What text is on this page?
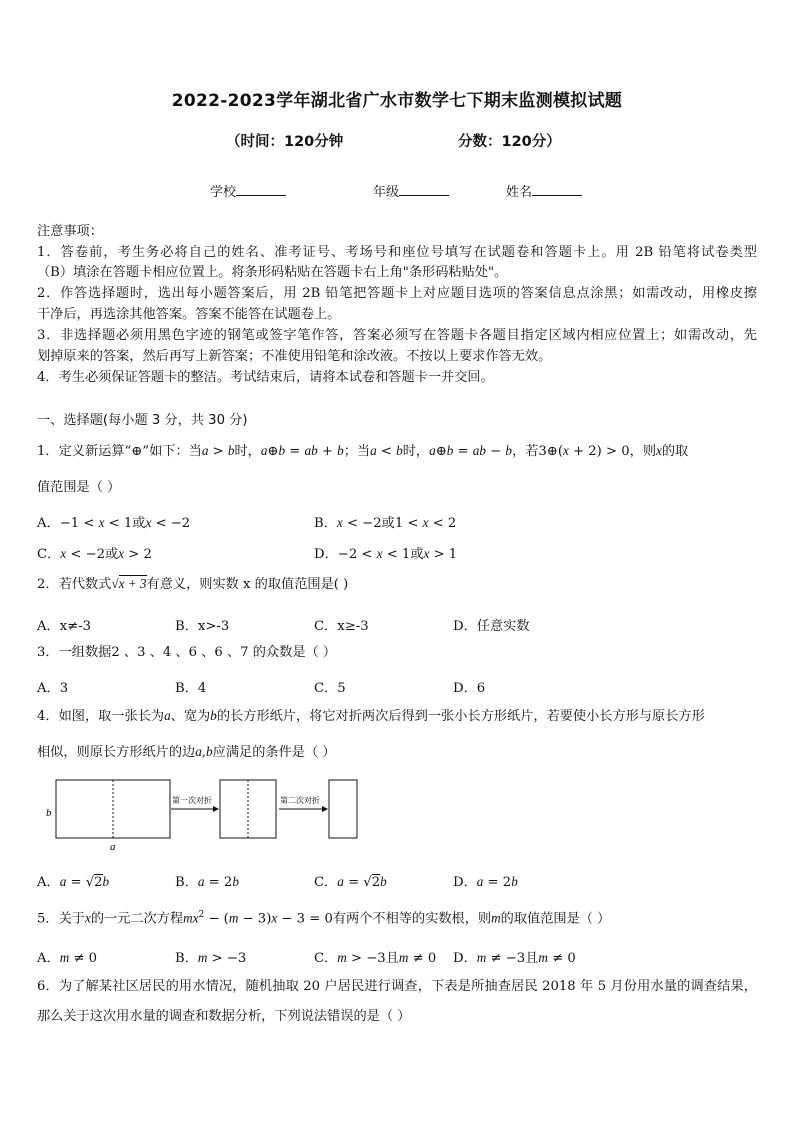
2022-2023学年湖北省广水市数学七下期末监测模拟试题
（时间：120分钟	分数：120分）
学校	年级	姓名
注意事项：
1．答卷前，考生务必将自己的姓名、准考证号、考场号和座位号填写在试题卷和答题卡上。用 2B 铅笔将试卷类型
（B）填涂在答题卡相应位置上。将条形码粘贴在答题卡右上角"条形码粘贴处"。
2．作答选择题时，选出每小题答案后，用 2B 铅笔把答题卡上对应题目选项的答案信息点涂黑；如需改动，用橡皮擦
干净后，再选涂其他答案。答案不能答在试题卷上。
3．非选择题必须用黑色字迹的钢笔或签字笔作答，答案必须写在答题卡各题目指定区域内相应位置上；如需改动，先
划掉原来的答案，然后再写上新答案；不准使用铅笔和涂改液。不按以上要求作答无效。
4．考生必须保证答题卡的整洁。考试结束后，请将本试卷和答题卡一并交回。
一、选择题(每小题 3 分，共 30 分)
1．定义新运算“⊕”如下：当a > b时，a⊕b = ab + b；当a < b时，a⊕b = ab − b，若3⊕(x + 2) > 0，则x的取
值范围是（ ）
A．−1 < x < 1或x < −2	B．x < −2或1 < x < 2
C．x < −2或x > 2	D．−2 < x < 1或x > 1
2．若代数式√x + 3有意义，则实数 x 的取值范围是( )
A．x≠-3	B．x>-3	C．x≥-3	D．任意实数
3．一组数据2 、3 、4 、6 、6 、7 的众数是（ ）
A．3	B．4	C．5	D．6
4．如图，取一张长为a、宽为b的长方形纸片，将它对折两次后得到一张小长方形纸片，若要使小长方形与原长方形
相似，则原长方形纸片的边a,b应满足的条件是（ ）
b
a
第一次对折	第二次对折
A．a = √2b	B．a = 2b	C．a = √2b	D．a = 2b
5．关于x的一元二次方程$mx^2 - (m - 3)x - 3 = 0$有两个不相等的实数根，则m的取值范围是（ ）
A．m ≠ 0	B．m > −3	C．m > −3且m ≠ 0 D．m ≠ −3且m ≠ 0
6．为了解某社区居民的用水情况，随机抽取 20 户居民进行调查，下表是所抽查居民 2018 年 5 月份用水量的调查结果，
那么关于这次用水量的调查和数据分析，下列说法错误的是（ ）
